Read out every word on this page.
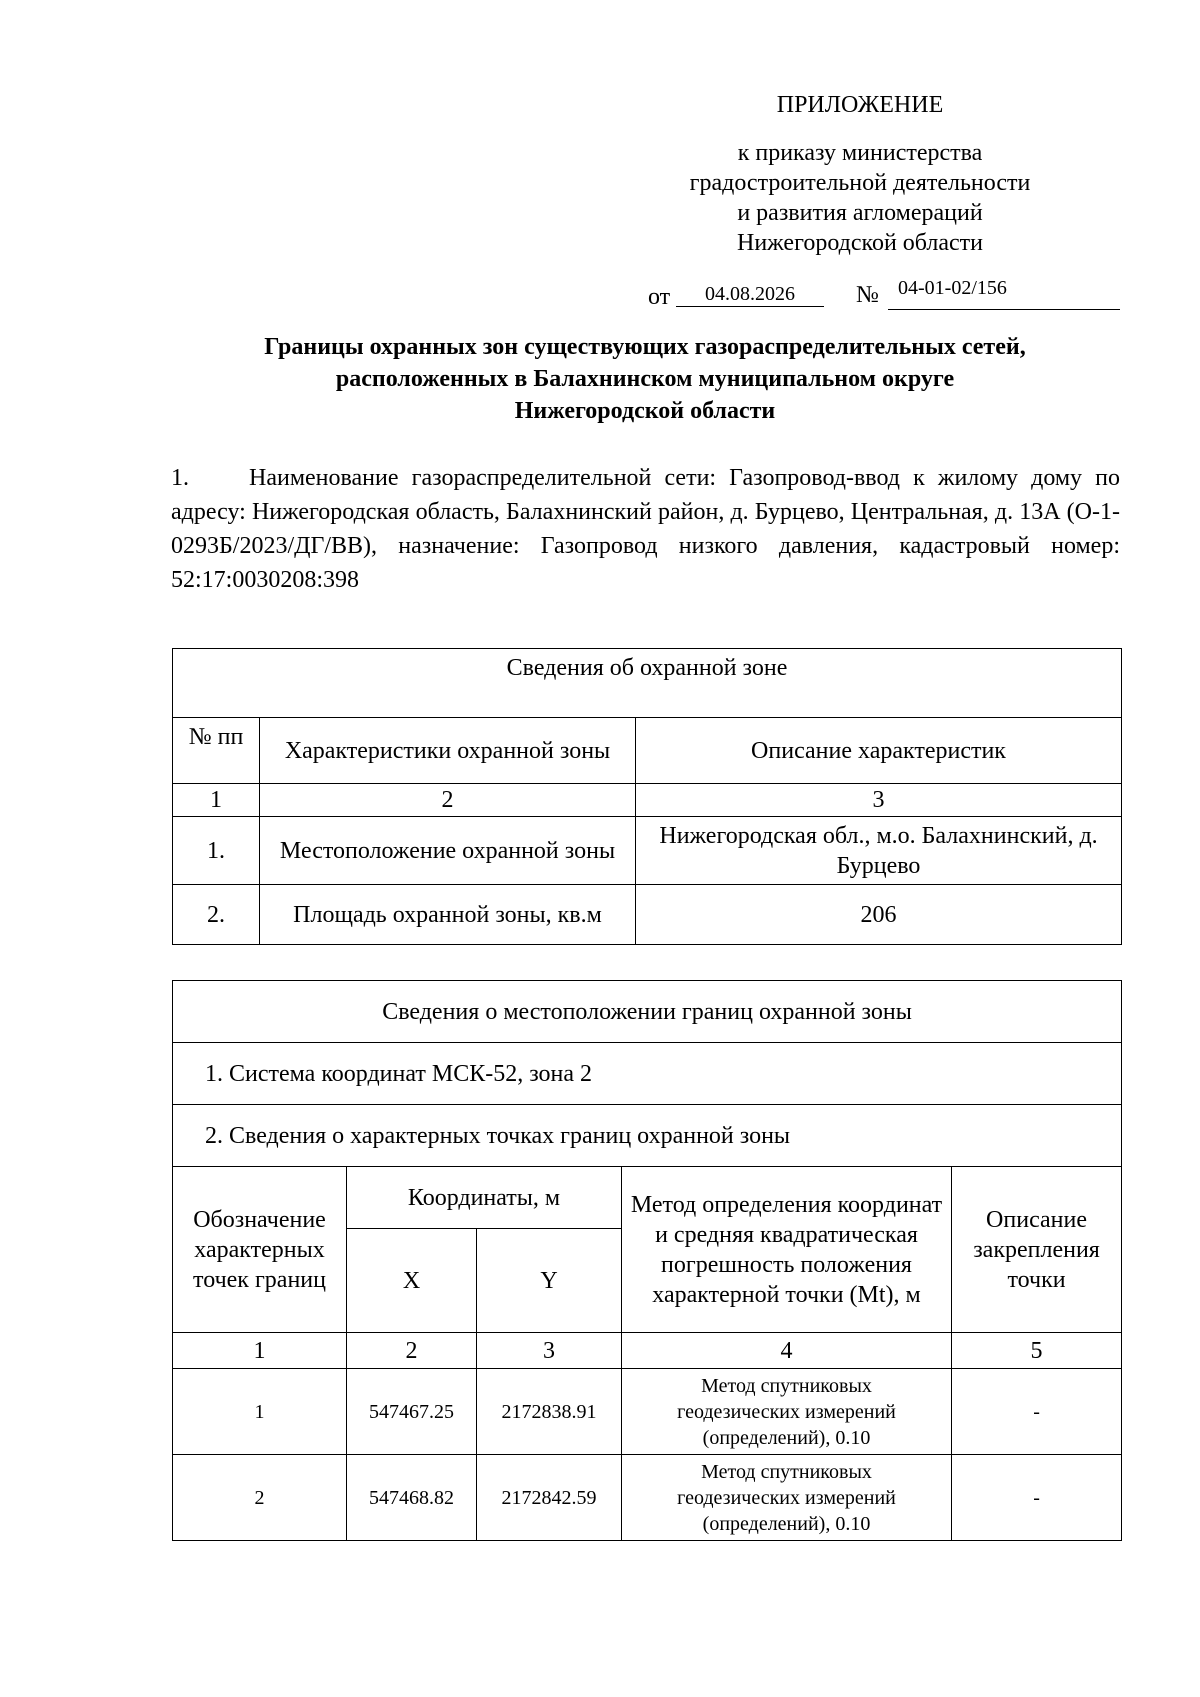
ПРИЛОЖЕНИЕ
к приказу министерства
градостроительной деятельности
и развития агломераций
Нижегородской области
от	04.08.2026	№ 04-01-02/156
Границы охранных зон существующих газораспределительных сетей,
расположенных в Балахнинском муниципальном округе
Нижегородской области
1.	Наименование газораспределительной сети: Газопровод-ввод к жилому дому по адресу: Нижегородская область, Балахнинский район, д. Бурцево, Центральная, д. 13А (О-1-0293Б/2023/ДГ/ВВ), назначение: Газопровод низкого давления, кадастровый номер: 52:17:0030208:398
Сведения об охранной зоне		
№ пп	Характеристики охранной зоны	Описание характеристик
1	2	3
1.	Местоположение охранной зоны	Нижегородская обл., м.о. Балахнинский, д. Бурцево
2.	Площадь охранной зоны, кв.м	206
Сведения о местоположении границ охранной зоны				
1. Система координат МСК-52, зона 2				
2. Сведения о характерных точках границ охранной зоны				
Обозначение характерных точек границ	Координаты, м		Метод определения координат и средняя квадратическая погрешность положения характерной точки (Mt), м	Описание закрепления точки
	X	Y		
1	2	3	4	5
1	547467.25	2172838.91	Метод спутниковых геодезических измерений (определений), 0.10	-
2	547468.82	2172842.59	Метод спутниковых геодезических измерений (определений), 0.10	-
